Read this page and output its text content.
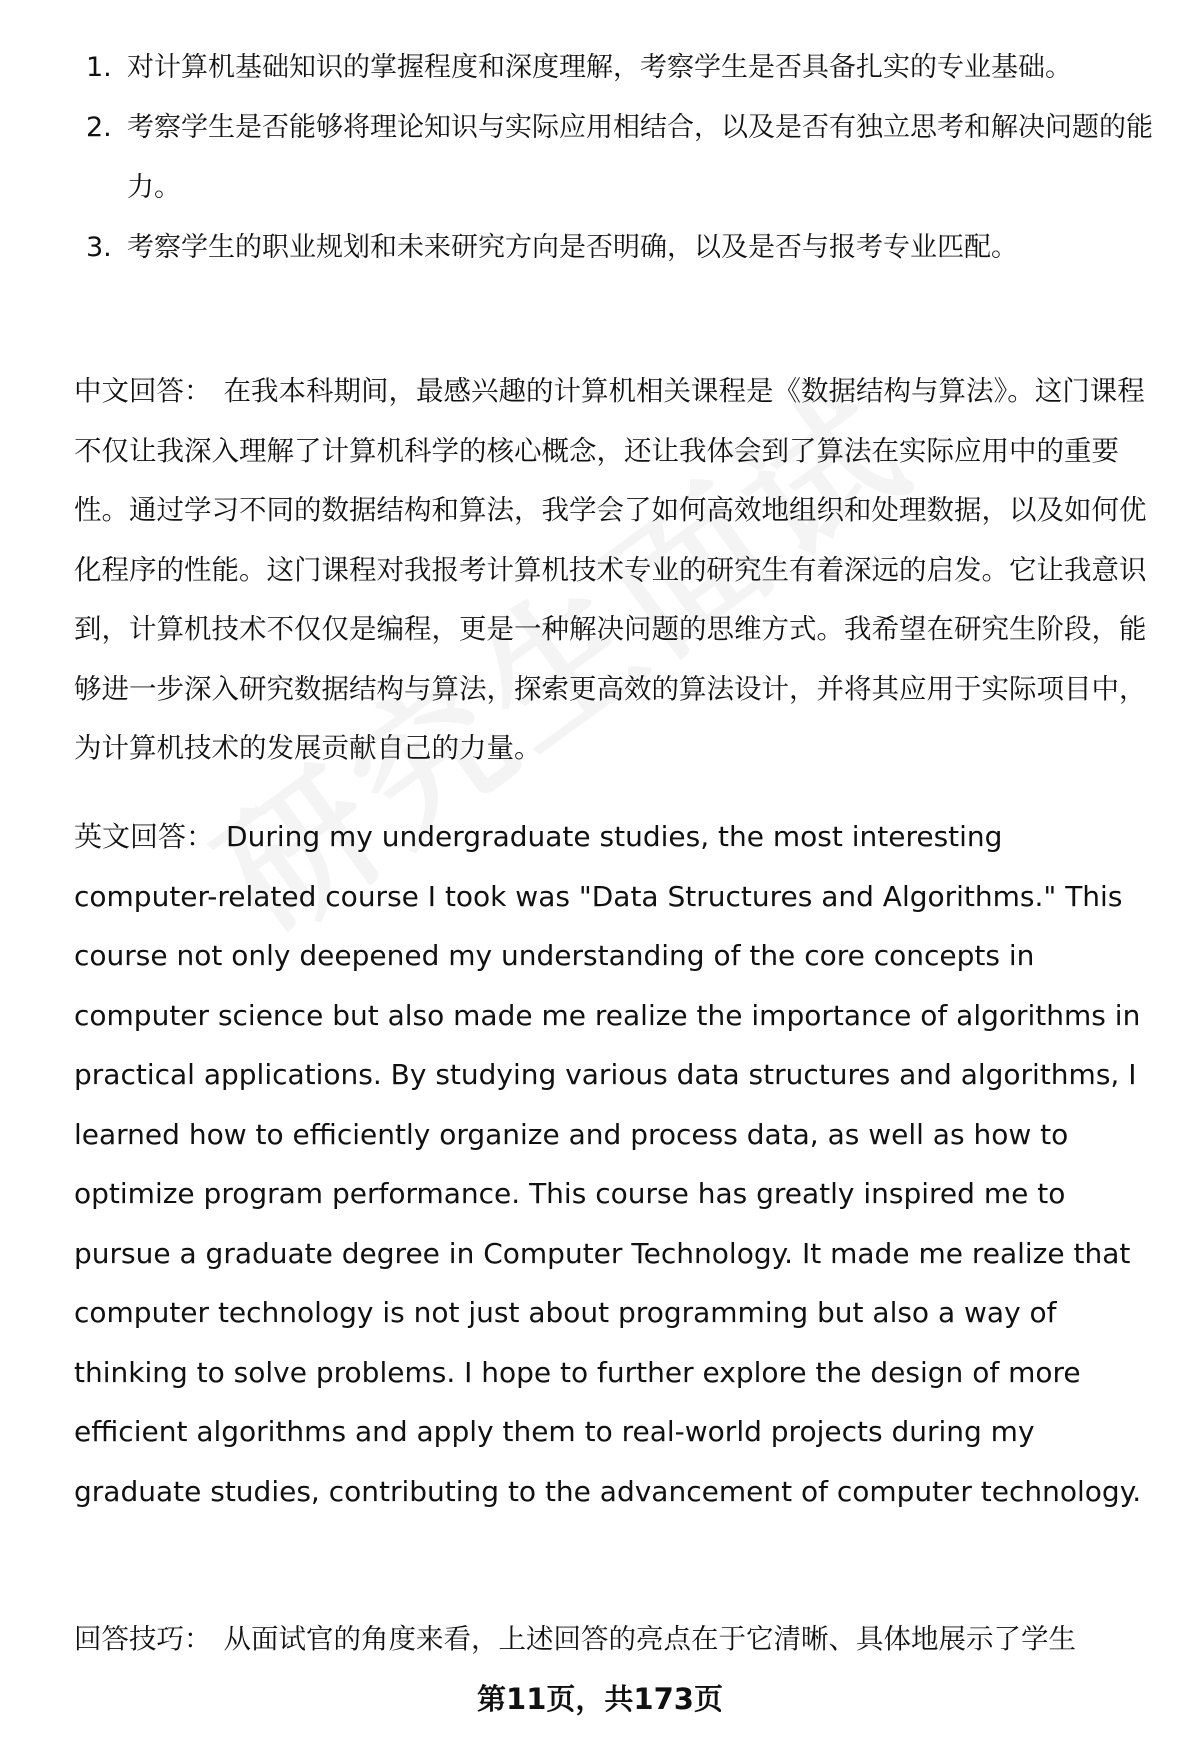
1. 对计算机基础知识的掌握程度和深度理解，考察学生是否具备扎实的专业基础。
2. 考察学生是否能够将理论知识与实际应用相结合，以及是否有独立思考和解决问题的能力。
3. 考察学生的职业规划和未来研究方向是否明确，以及是否与报考专业匹配。

中文回答： 在我本科期间，最感兴趣的计算机相关课程是《数据结构与算法》。这门课程不仅让我深入理解了计算机科学的核心概念，还让我体会到了算法在实际应用中的重要性。通过学习不同的数据结构和算法，我学会了如何高效地组织和处理数据，以及如何优化程序的性能。这门课程对我报考计算机技术专业的研究生有着深远的启发。它让我意识到，计算机技术不仅仅是编程，更是一种解决问题的思维方式。我希望在研究生阶段，能够进一步深入研究数据结构与算法，探索更高效的算法设计，并将其应用于实际项目中，为计算机技术的发展贡献自己的力量。

英文回答： During my undergraduate studies, the most interesting computer-related course I took was "Data Structures and Algorithms." This course not only deepened my understanding of the core concepts in computer science but also made me realize the importance of algorithms in practical applications. By studying various data structures and algorithms, I learned how to efficiently organize and process data, as well as how to optimize program performance. This course has greatly inspired me to pursue a graduate degree in Computer Technology. It made me realize that computer technology is not just about programming but also a way of thinking to solve problems. I hope to further explore the design of more efficient algorithms and apply them to real-world projects during my graduate studies, contributing to the advancement of computer technology.

回答技巧： 从面试官的角度来看，上述回答的亮点在于它清晰、具体地展示了学生

第11页，共173页
